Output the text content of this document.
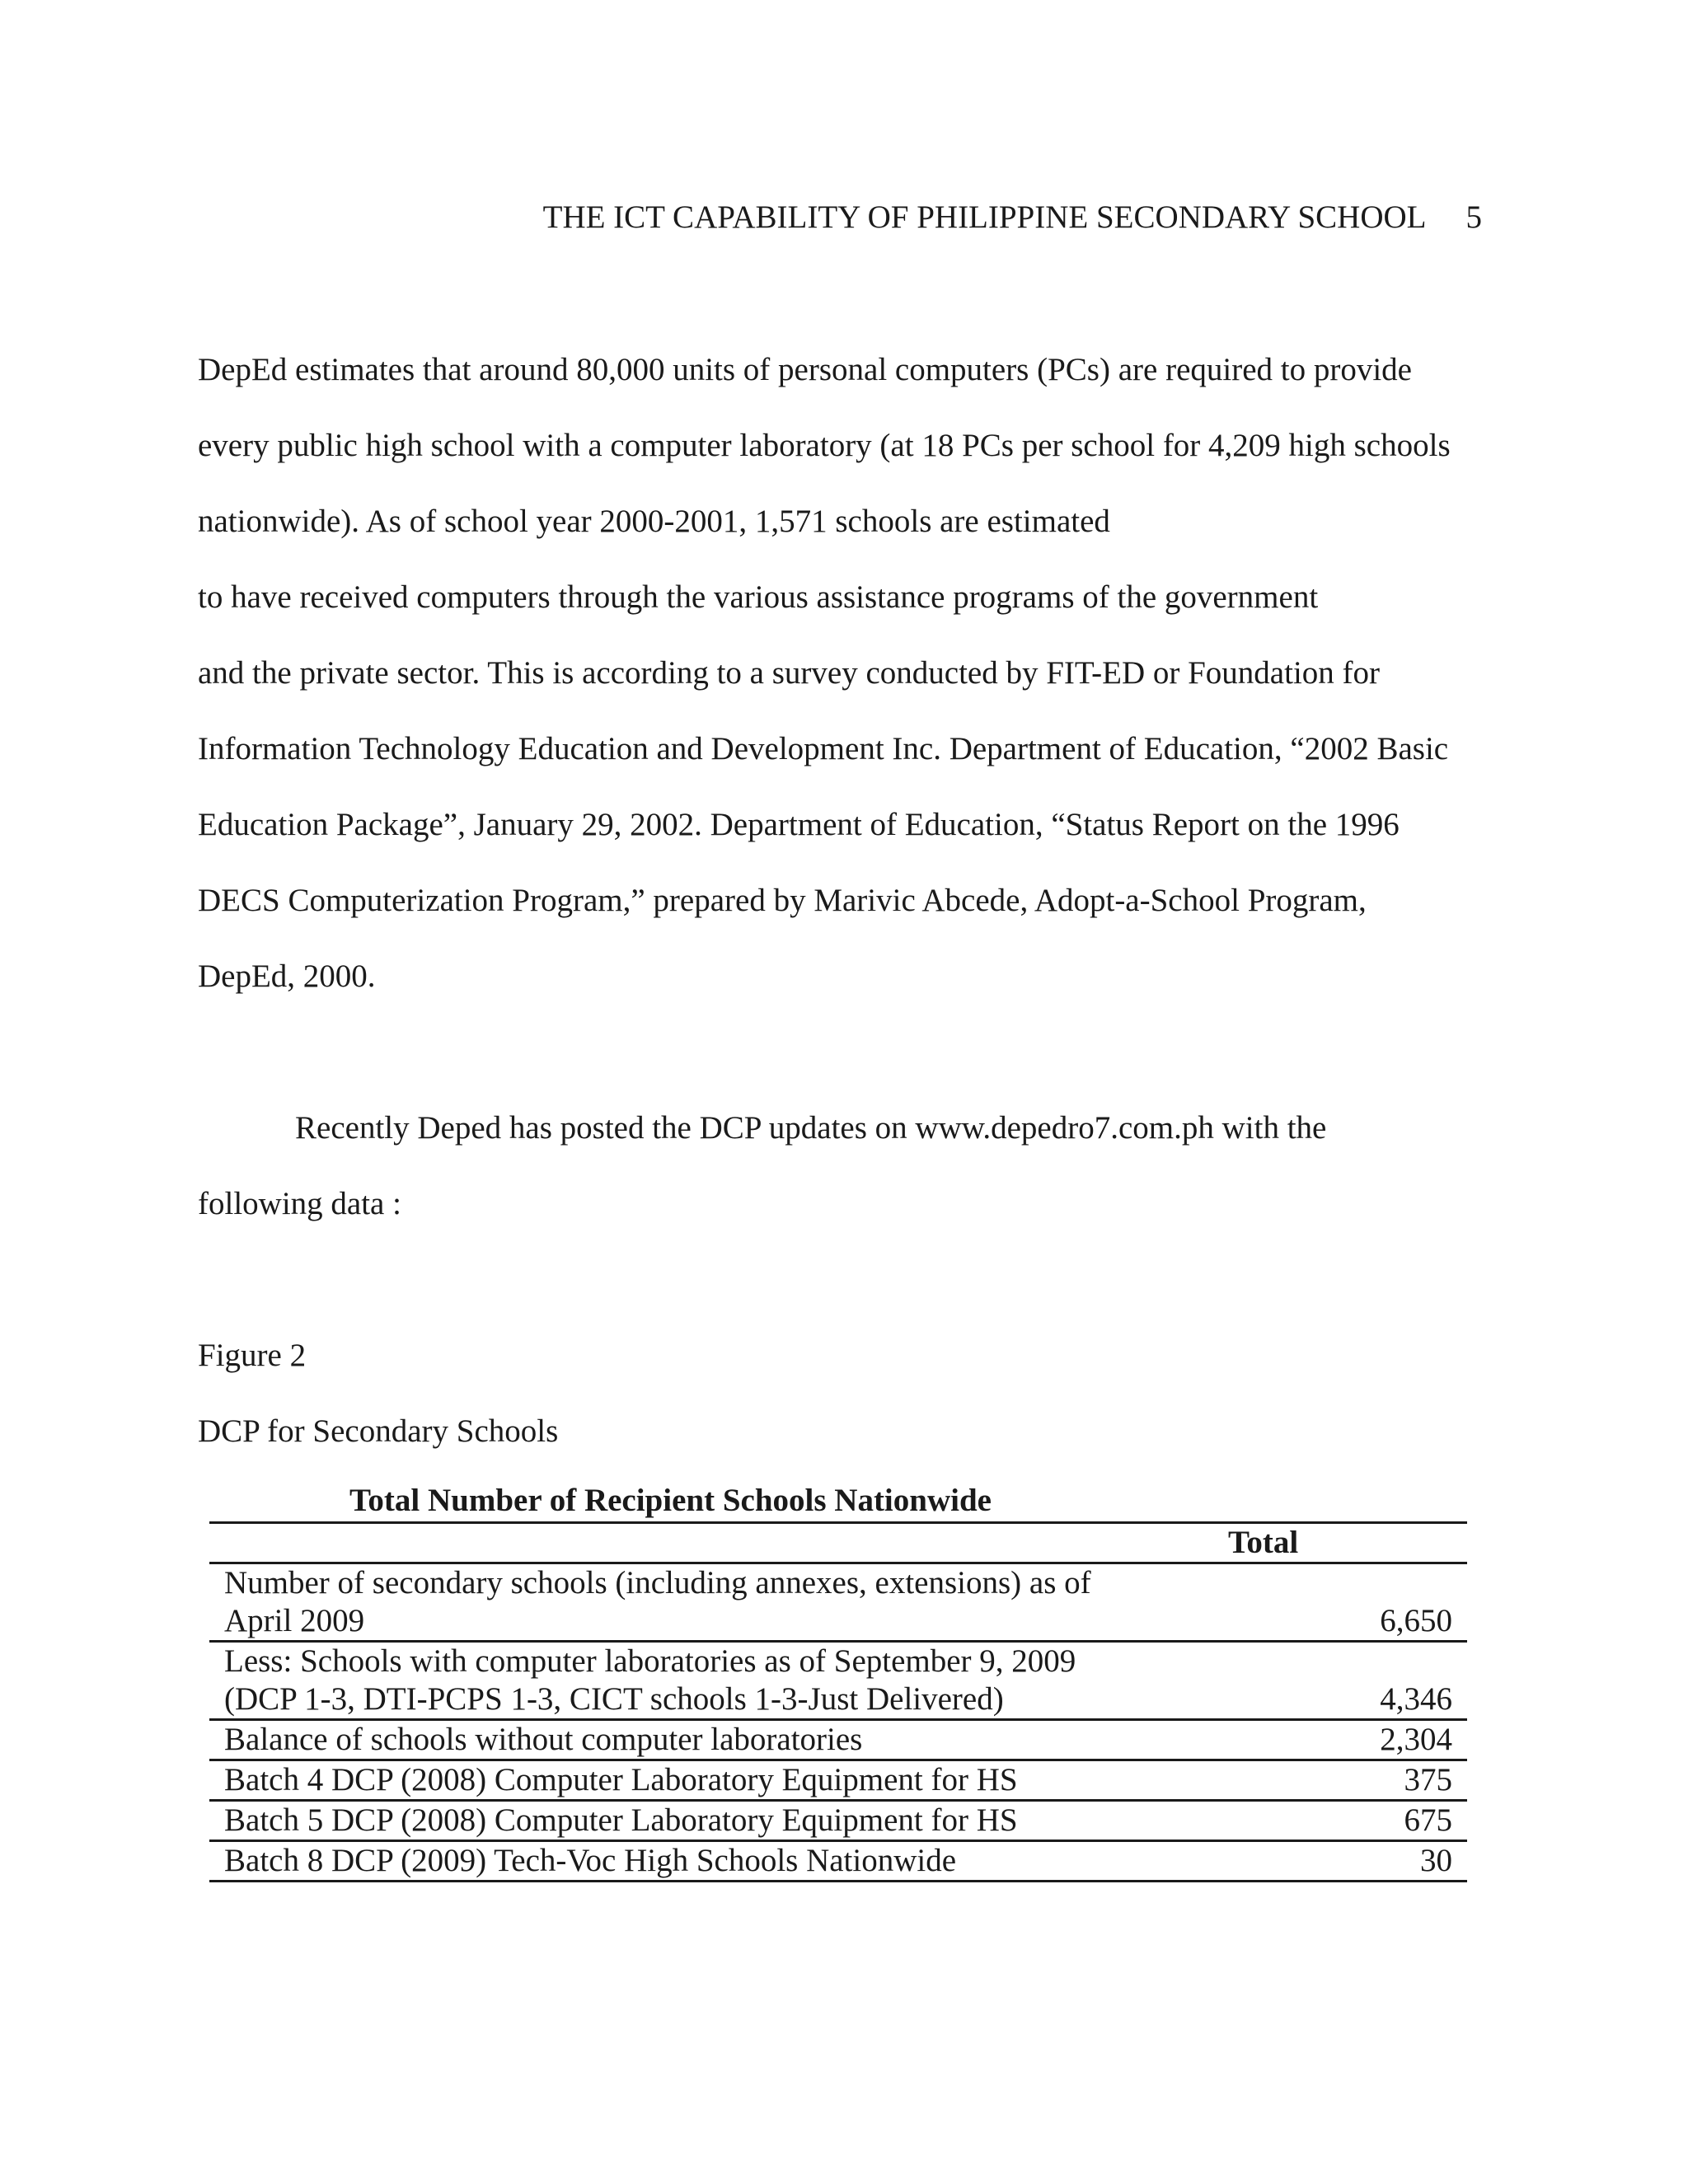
THE ICT CAPABILITY OF PHILIPPINE SECONDARY SCHOOL 5
DepEd estimates that around 80,000 units of personal computers (PCs) are required to provide
every public high school with a computer laboratory (at 18 PCs per school for 4,209 high schools
nationwide). As of school year 2000-2001, 1,571 schools are estimated
to have received computers through the various assistance programs of the government
and the private sector. This is according to a survey conducted by FIT-ED or Foundation for
Information Technology Education and Development Inc. Department of Education, “2002 Basic
Education Package”, January 29, 2002. Department of Education, “Status Report on the 1996
DECS Computerization Program,” prepared by Marivic Abcede, Adopt-a-School Program,
DepEd, 2000.
Recently Deped has posted the DCP updates on www.depedro7.com.ph with the
following data :
Figure 2
DCP for Secondary Schools
Total Number of Recipient Schools Nationwide
	Total
Number of secondary schools (including annexes, extensions) as of
April 2009	6,650
Less: Schools with computer laboratories as of September 9, 2009
(DCP 1-3, DTI-PCPS 1-3, CICT schools 1-3-Just Delivered)	4,346
Balance of schools without computer laboratories	2,304
Batch 4 DCP (2008) Computer Laboratory Equipment for HS	375
Batch 5 DCP (2008) Computer Laboratory Equipment for HS	675
Batch 8 DCP (2009) Tech-Voc High Schools Nationwide	30
